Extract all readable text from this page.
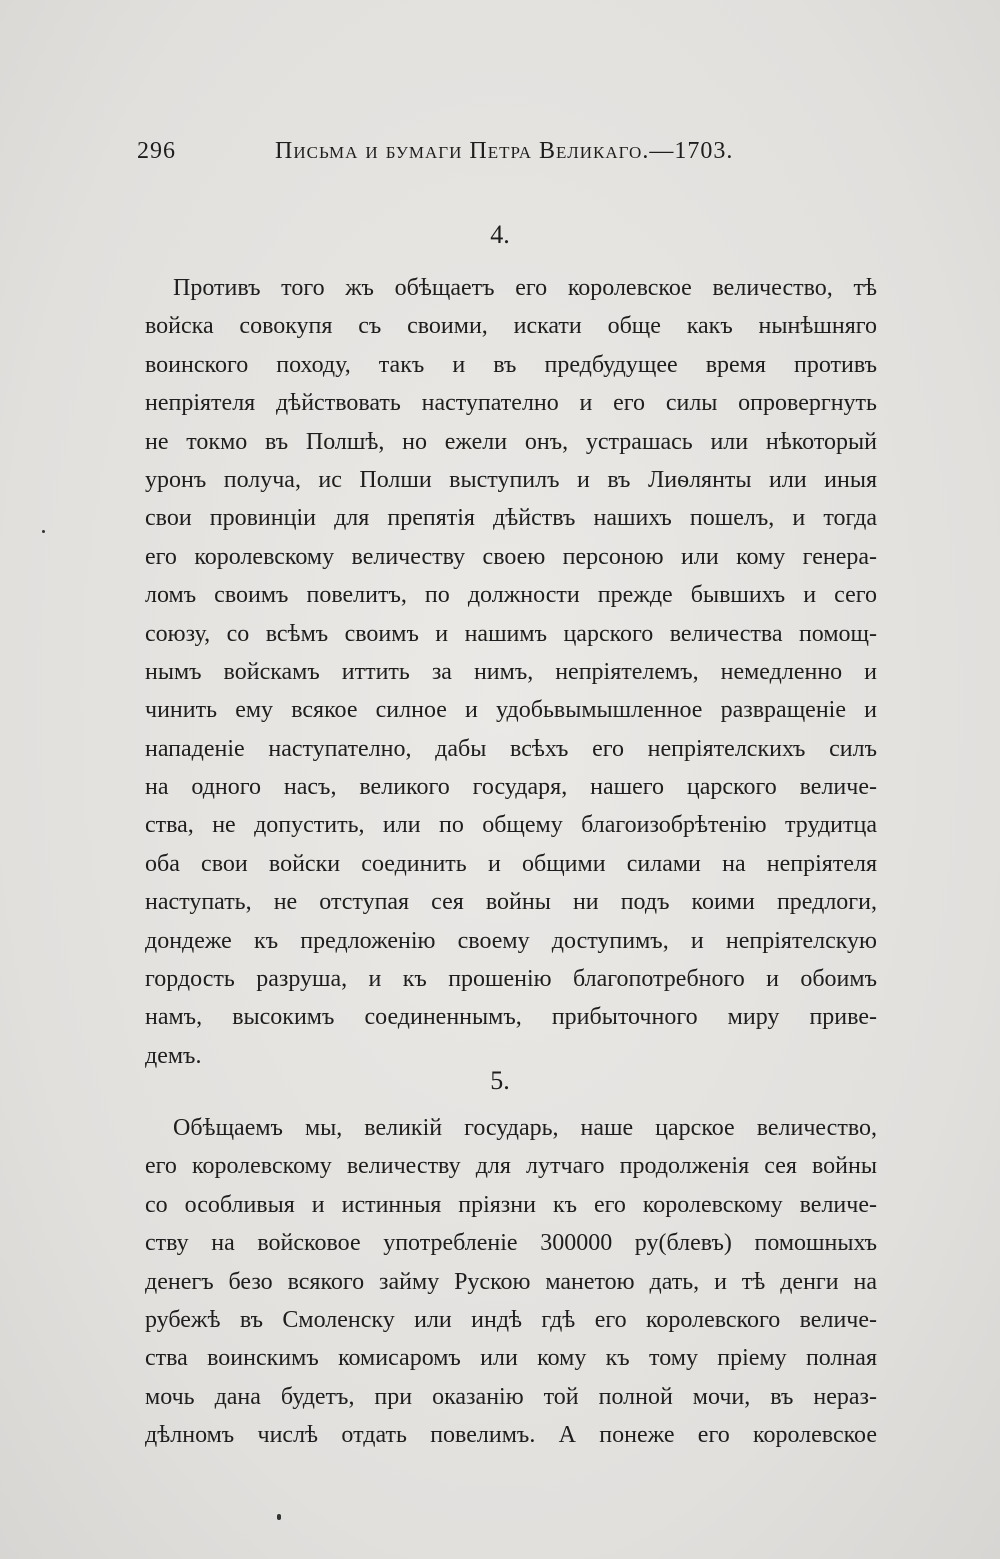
296	Письма и бумаги Петра Великаго.—1703.
4.
Противъ того жъ обѣщаетъ его королевское величество, тѣ
войска совокупя съ своими, искати обще какъ нынѣшняго
воинского походу, такъ и въ предбудущее время противъ
непріятеля дѣйствовать наступателно и его силы опровергнуть
не токмо въ Полшѣ, но ежели онъ, устрашась или нѣкоторый
уронъ получа, ис Полши выступилъ и въ Лиѳлянты или иныя
свои провинціи для препятія дѣйствъ нашихъ пошелъ, и тогда
его королевскому величеству своею персоною или кому генера-
ломъ своимъ повелитъ, по должности прежде бывшихъ и сего
союзу, со всѣмъ своимъ и нашимъ царского величества помощ-
нымъ войскамъ иттить за нимъ, непріятелемъ, немедленно и
чинить ему всякое силное и удобьвымышленное развращеніе и
нападеніе наступателно, дабы всѣхъ его непріятелскихъ силъ
на одного насъ, великого государя, нашего царского величе-
ства, не допустить, или по общему благоизобрѣтенію трудитца
оба свои войски соединить и общими силами на непріятеля
наступать, не отступая сея войны ни подъ коими предлоги,
дондеже къ предложенію своему доступимъ, и непріятелскую
гордость разруша, и къ прошенію благопотребного и обоимъ
намъ, высокимъ соединеннымъ, прибыточного миру приве-
демъ.
5.
Обѣщаемъ мы, великій государь, наше царское величество,
его королевскому величеству для лутчаго продолженія сея войны
со особливыя и истинныя пріязни къ его королевскому величе-
ству на войсковое употребленіе 300000 ру(блевъ) помошныхъ
денегъ безо всякого займу Рускою манетою дать, и тѣ денги на
рубежѣ въ Смоленску или индѣ гдѣ его королевского величе-
ства воинскимъ комисаромъ или кому къ тому пріему полная
мочь дана будетъ, при оказанію той полной мочи, въ нераз-
дѣлномъ числѣ отдать повелимъ. А понеже его королевское
